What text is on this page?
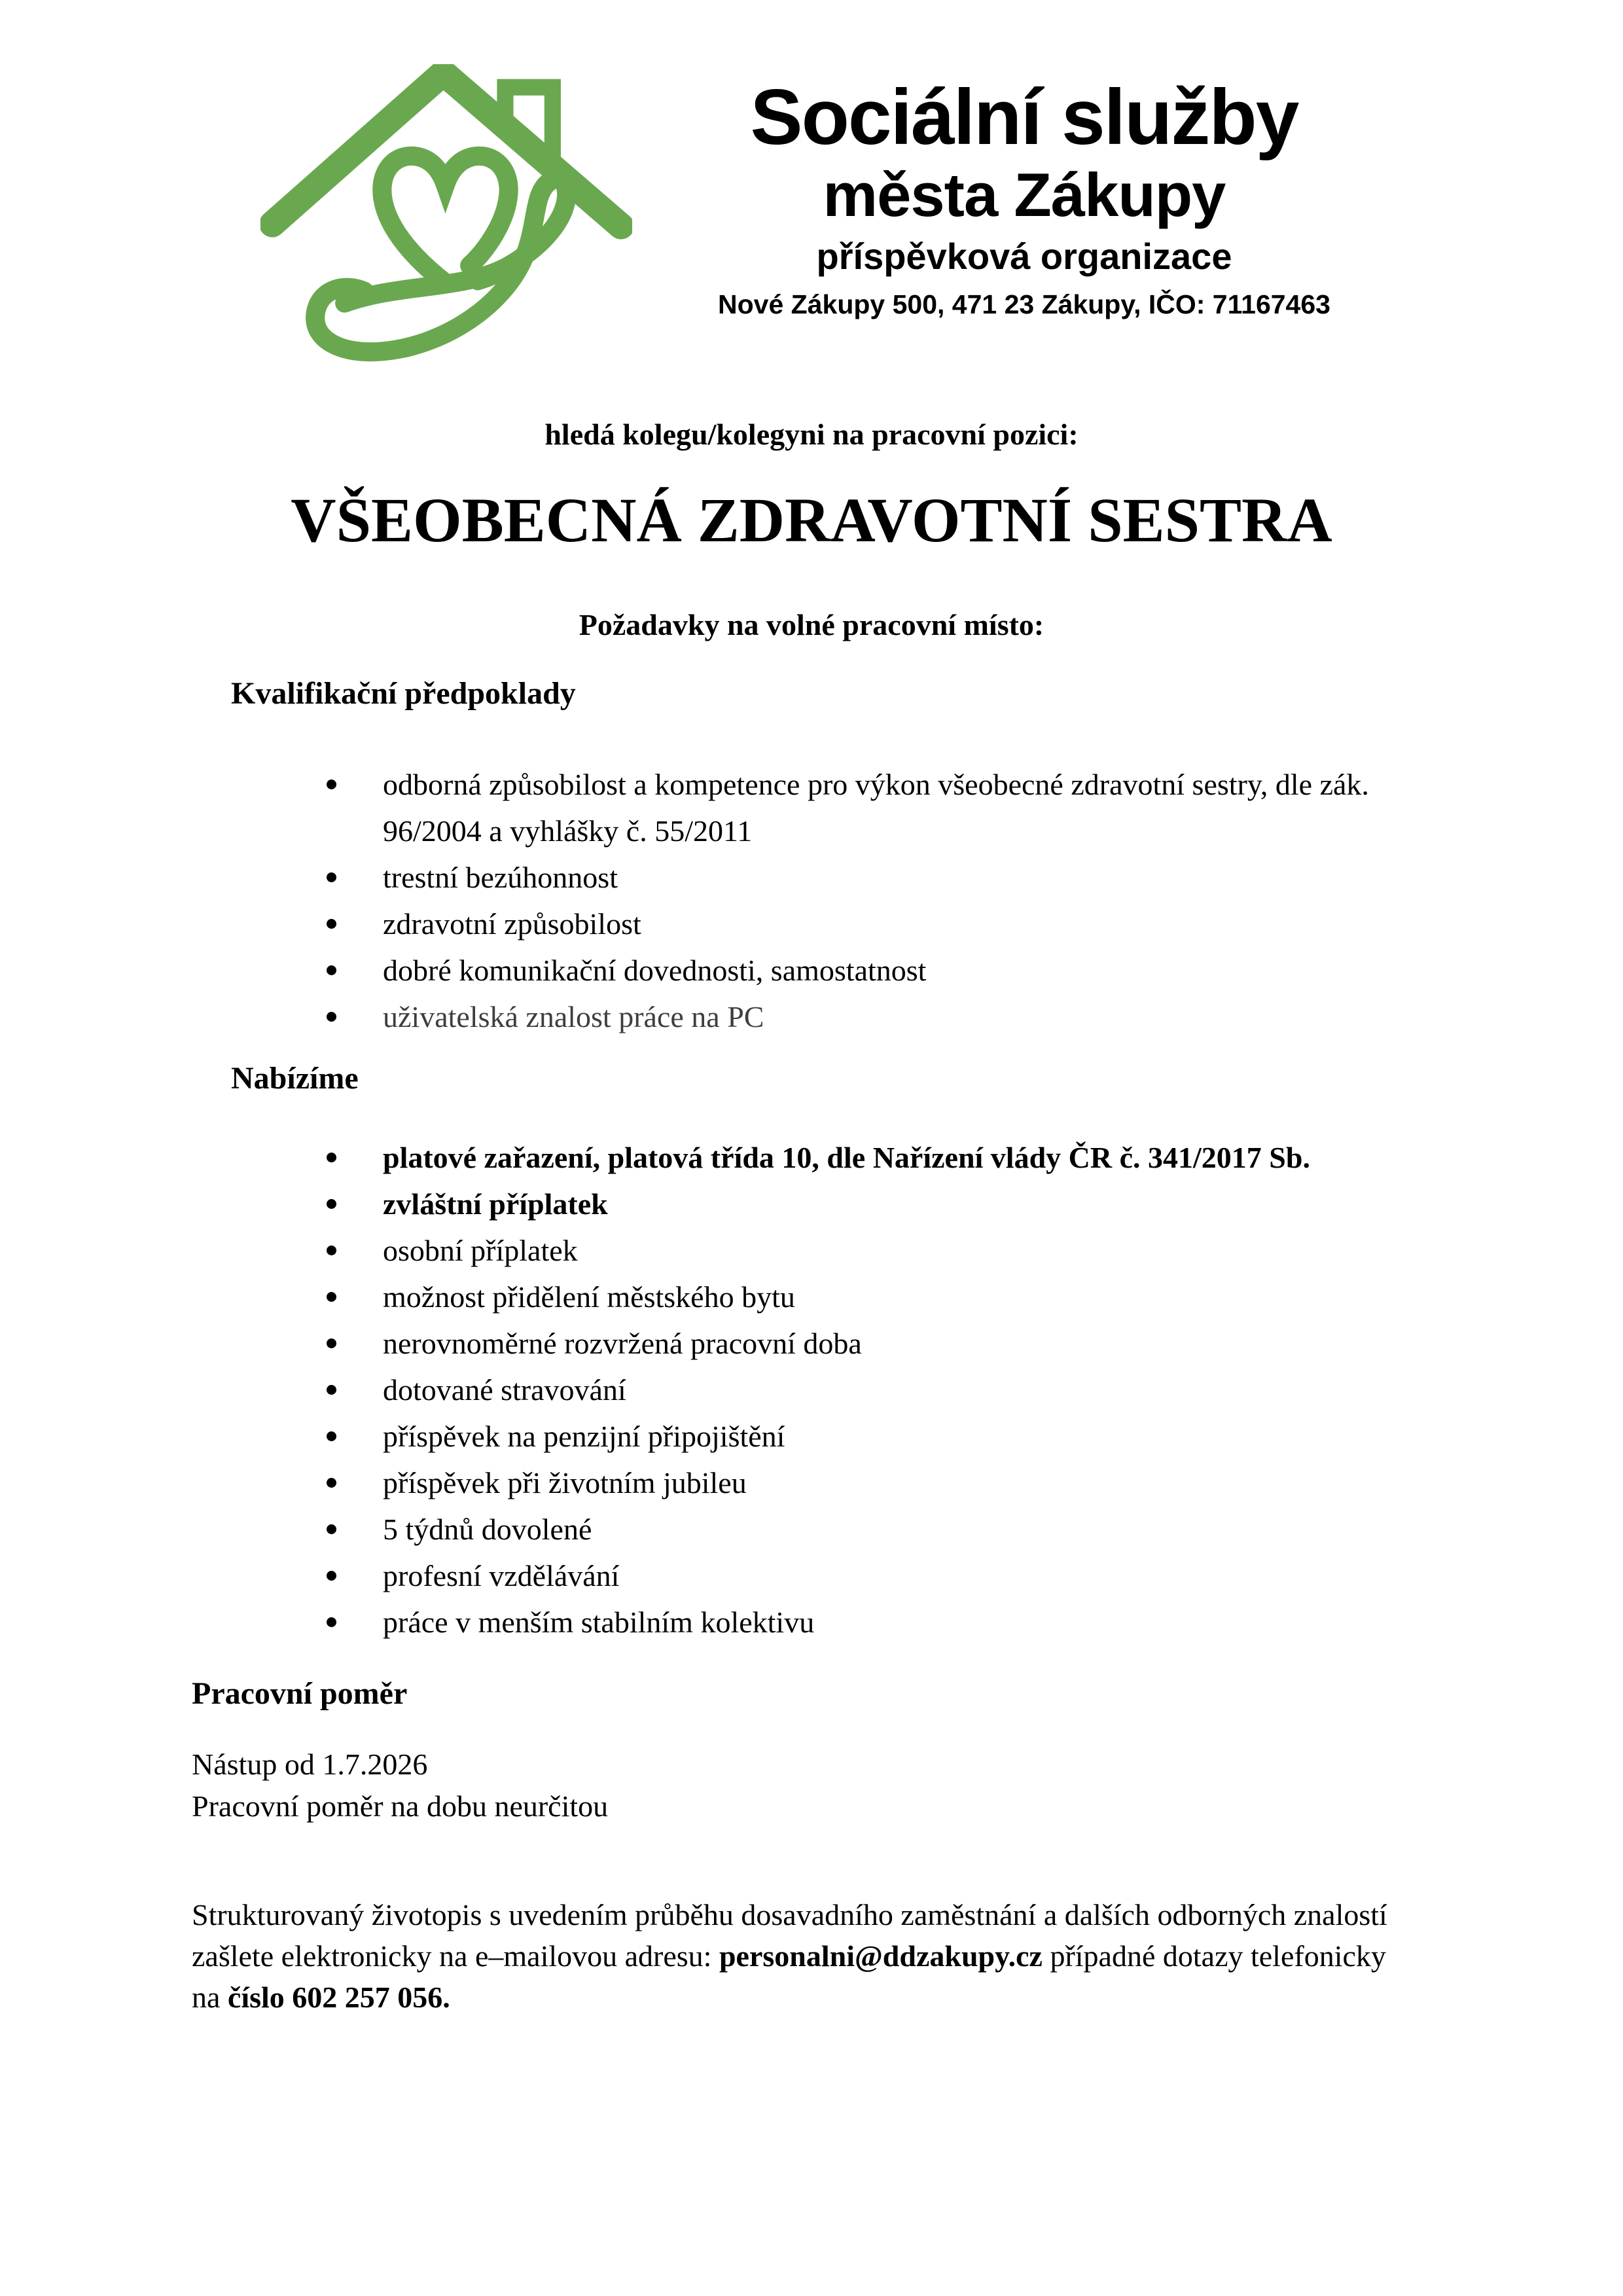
Sociální služby
města Zákupy
příspěvková organizace
Nové Zákupy 500, 471 23 Zákupy, IČO: 71167463
hledá kolegu/kolegyni na pracovní pozici:
VŠEOBECNÁ ZDRAVOTNÍ SESTRA
Požadavky na volné pracovní místo:
Kvalifikační předpoklady
odborná způsobilost a kompetence pro výkon všeobecné zdravotní sestry, dle zák. 96/2004 a vyhlášky č. 55/2011
trestní bezúhonnost
zdravotní způsobilost
dobré komunikační dovednosti, samostatnost
uživatelská znalost práce na PC
Nabízíme
platové zařazení, platová třída 10, dle Nařízení vlády ČR č. 341/2017 Sb.
zvláštní příplatek
osobní příplatek
možnost přidělení městského bytu
nerovnoměrné rozvržená pracovní doba
dotované stravování
příspěvek na penzijní připojištění
příspěvek při životním jubileu
5 týdnů dovolené
profesní vzdělávání
práce v menším stabilním kolektivu
Pracovní poměr
Nástup od 1.7.2026
Pracovní poměr na dobu neurčitou

Strukturovaný životopis s uvedením průběhu dosavadního zaměstnání a dalších odborných znalostí zašlete elektronicky na e–mailovou adresu: personalni@ddzakupy.cz případné dotazy telefonicky na číslo 602 257 056.
